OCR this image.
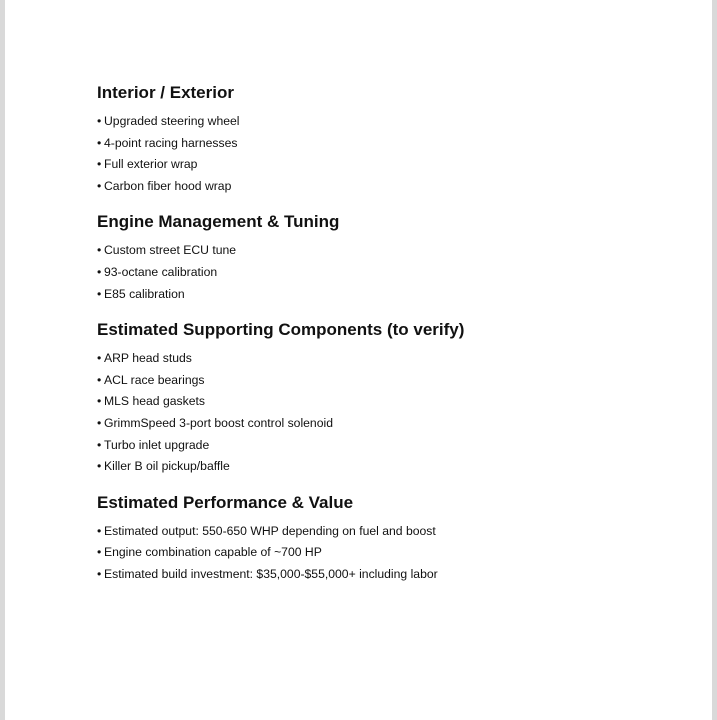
Interior / Exterior
• Upgraded steering wheel
• 4-point racing harnesses
• Full exterior wrap
• Carbon fiber hood wrap
Engine Management & Tuning
• Custom street ECU tune
• 93-octane calibration
• E85 calibration
Estimated Supporting Components (to verify)
• ARP head studs
• ACL race bearings
• MLS head gaskets
• GrimmSpeed 3-port boost control solenoid
• Turbo inlet upgrade
• Killer B oil pickup/baffle
Estimated Performance & Value
• Estimated output: 550-650 WHP depending on fuel and boost
• Engine combination capable of ~700 HP
• Estimated build investment: $35,000-$55,000+ including labor
